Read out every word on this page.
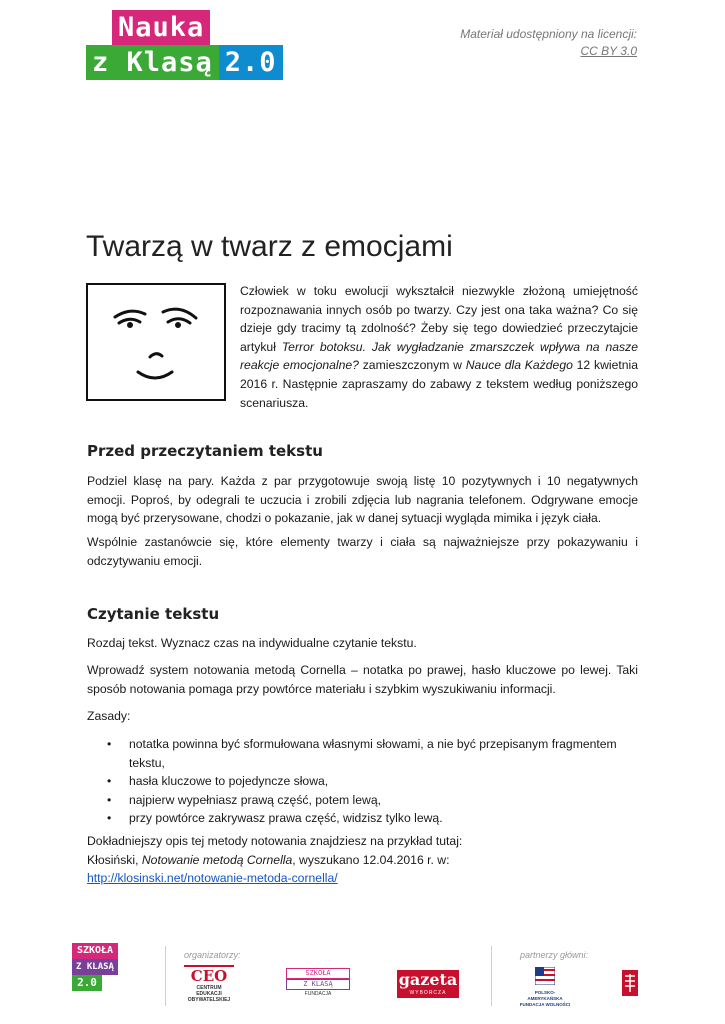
Nauka
z Klasą 2.0
Materiał udostępniony na licencji:
CC BY 3.0
Twarzą w twarz z emocjami
Człowiek w toku ewolucji wykształcił niezwykle złożoną umiejętność rozpoznawania innych osób po twarzy. Czy jest ona taka ważna? Co się dzieje gdy tracimy tą zdolność? Żeby się tego dowiedzieć przeczytajcie artykuł Terror botoksu. Jak wygładzanie zmarszczek wpływa na nasze reakcje emocjonalne? zamieszczonym w Nauce dla Każdego 12 kwietnia 2016 r. Następnie zapraszamy do zabawy z tekstem według poniższego scenariusza.
Przed przeczytaniem tekstu
Podziel klasę na pary. Każda z par przygotowuje swoją listę 10 pozytywnych i 10 negatywnych emocji. Poproś, by odegrali te uczucia i zrobili zdjęcia lub nagrania telefonem. Odgrywane emocje mogą być przerysowane, chodzi o pokazanie, jak w danej sytuacji wygląda mimika i język ciała.
Wspólnie zastanówcie się, które elementy twarzy i ciała są najważniejsze przy pokazywaniu i odczytywaniu emocji.
Czytanie tekstu
Rozdaj tekst. Wyznacz czas na indywidualne czytanie tekstu.
Wprowadź system notowania metodą Cornella – notatka po prawej, hasło kluczowe po lewej. Taki sposób notowania pomaga przy powtórce materiału i szybkim wyszukiwaniu informacji.
Zasady:
• notatka powinna być sformułowana własnymi słowami, a nie być przepisanym fragmentem tekstu,
• hasła kluczowe to pojedyncze słowa,
• najpierw wypełniasz prawą część, potem lewą,
• przy powtórce zakrywasz prawa część, widzisz tylko lewą.
Dokładniejszy opis tej metody notowania znajdziesz na przykład tutaj:
Kłosiński, Notowanie metodą Cornella, wyszukano 12.04.2016 r. w:
http://klosinski.net/notowanie-metoda-cornella/
SZKOŁA
Z KLASĄ
2.0
organizatorzy:
CEO
CENTRUM EDUKACJI OBYWATELSKIEJ
SZKOŁA
Z KLASĄ
FUNDACJA
gazeta
WYBORCZA
partnerzy główni:
POLSKO-AMERYKAŃSKA FUNDACJA WOLNOŚCI
